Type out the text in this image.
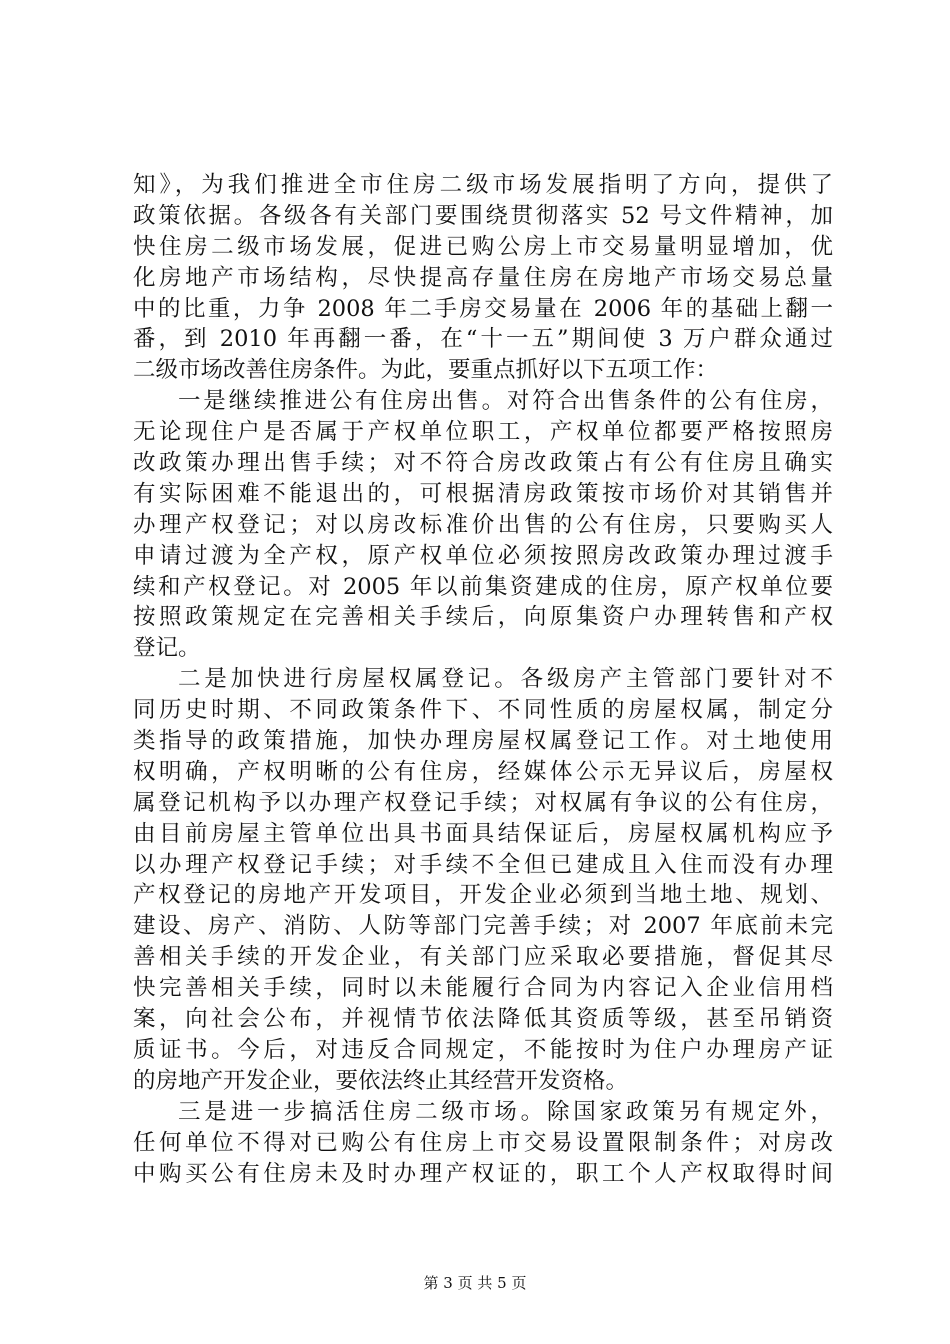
知》，为我们推进全市住房二级市场发展指明了方向，提供了
政策依据。各级各有关部门要围绕贯彻落实 52 号文件精神，加
快住房二级市场发展，促进已购公房上市交易量明显增加，优
化房地产市场结构，尽快提高存量住房在房地产市场交易总量
中的比重，力争 2008 年二手房交易量在 2006 年的基础上翻一
番，到 2010 年再翻一番，在“十一五”期间使 3 万户群众通过
二级市场改善住房条件。为此，要重点抓好以下五项工作：
一是继续推进公有住房出售。对符合出售条件的公有住房，
无论现住户是否属于产权单位职工，产权单位都要严格按照房
改政策办理出售手续；对不符合房改政策占有公有住房且确实
有实际困难不能退出的，可根据清房政策按市场价对其销售并
办理产权登记；对以房改标准价出售的公有住房，只要购买人
申请过渡为全产权，原产权单位必须按照房改政策办理过渡手
续和产权登记。对 2005 年以前集资建成的住房，原产权单位要
按照政策规定在完善相关手续后，向原集资户办理转售和产权
登记。
二是加快进行房屋权属登记。各级房产主管部门要针对不
同历史时期、不同政策条件下、不同性质的房屋权属，制定分
类指导的政策措施，加快办理房屋权属登记工作。对土地使用
权明确，产权明晰的公有住房，经媒体公示无异议后，房屋权
属登记机构予以办理产权登记手续；对权属有争议的公有住房，
由目前房屋主管单位出具书面具结保证后，房屋权属机构应予
以办理产权登记手续；对手续不全但已建成且入住而没有办理
产权登记的房地产开发项目，开发企业必须到当地土地、规划、
建设、房产、消防、人防等部门完善手续；对 2007 年底前未完
善相关手续的开发企业，有关部门应采取必要措施，督促其尽
快完善相关手续，同时以未能履行合同为内容记入企业信用档
案，向社会公布，并视情节依法降低其资质等级，甚至吊销资
质证书。今后，对违反合同规定，不能按时为住户办理房产证
的房地产开发企业，要依法终止其经营开发资格。
三是进一步搞活住房二级市场。除国家政策另有规定外，
任何单位不得对已购公有住房上市交易设置限制条件；对房改
中购买公有住房未及时办理产权证的，职工个人产权取得时间
第 3 页 共 5 页
